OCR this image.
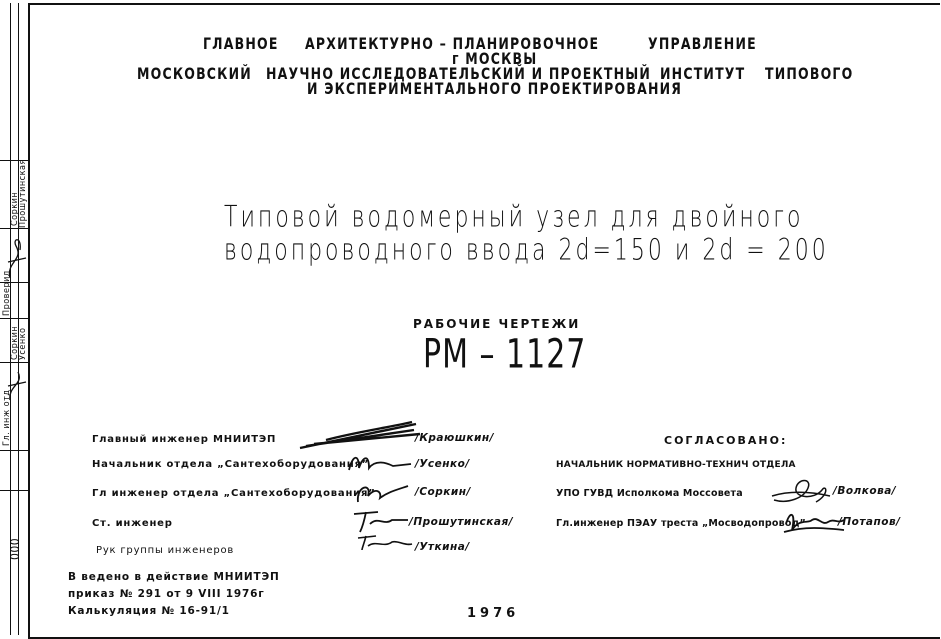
Прошутинская
Соркин
Усенко
Соркин
Проверил
Гл. инж отд
000
ГЛАВНОЕ АРХИТЕКТУРНО – ПЛАНИРОВОЧНОЕ	УПРАВЛЕНИЕ
г МОСКВЫ
МОСКОВСКИЙ НАУЧНО ИССЛЕДОВАТЕЛЬСКИЙ И ПРОЕКТНЫЙ ИНСТИТУТ ТИПОВОГО
И ЭКСПЕРИМЕНТАЛЬНОГО ПРОЕКТИРОВАНИЯ
Типовой водомерный узел для двойного
водопроводного ввода 2d=150 и 2d = 200
РАБОЧИЕ ЧЕРТЕЖИ
РМ – 1127
Главный инженер МНИИТЭП	/Краюшкин/
Начальник отдела „Сантехоборудования”	/Усенко/
Гл инженер отдела „Сантехоборудования”	/Соркин/
Ст. инженер	/Прошутинская/
Рук группы инженеров	/Уткина/
СОГЛАСОВАНО:
НАЧАЛЬНИК НОРМАТИВНО-ТЕХНИЧ ОТДЕЛА
УПО ГУВД Исполкома Моссовета	/Волкова/
Гл.инженер ПЭАУ треста „Мосводопровод”	/Потапов/
В ведено в действие МНИИТЭП
приказ № 291 от 9 VIII 1976г
Калькуляция № 16-91/1	1976
